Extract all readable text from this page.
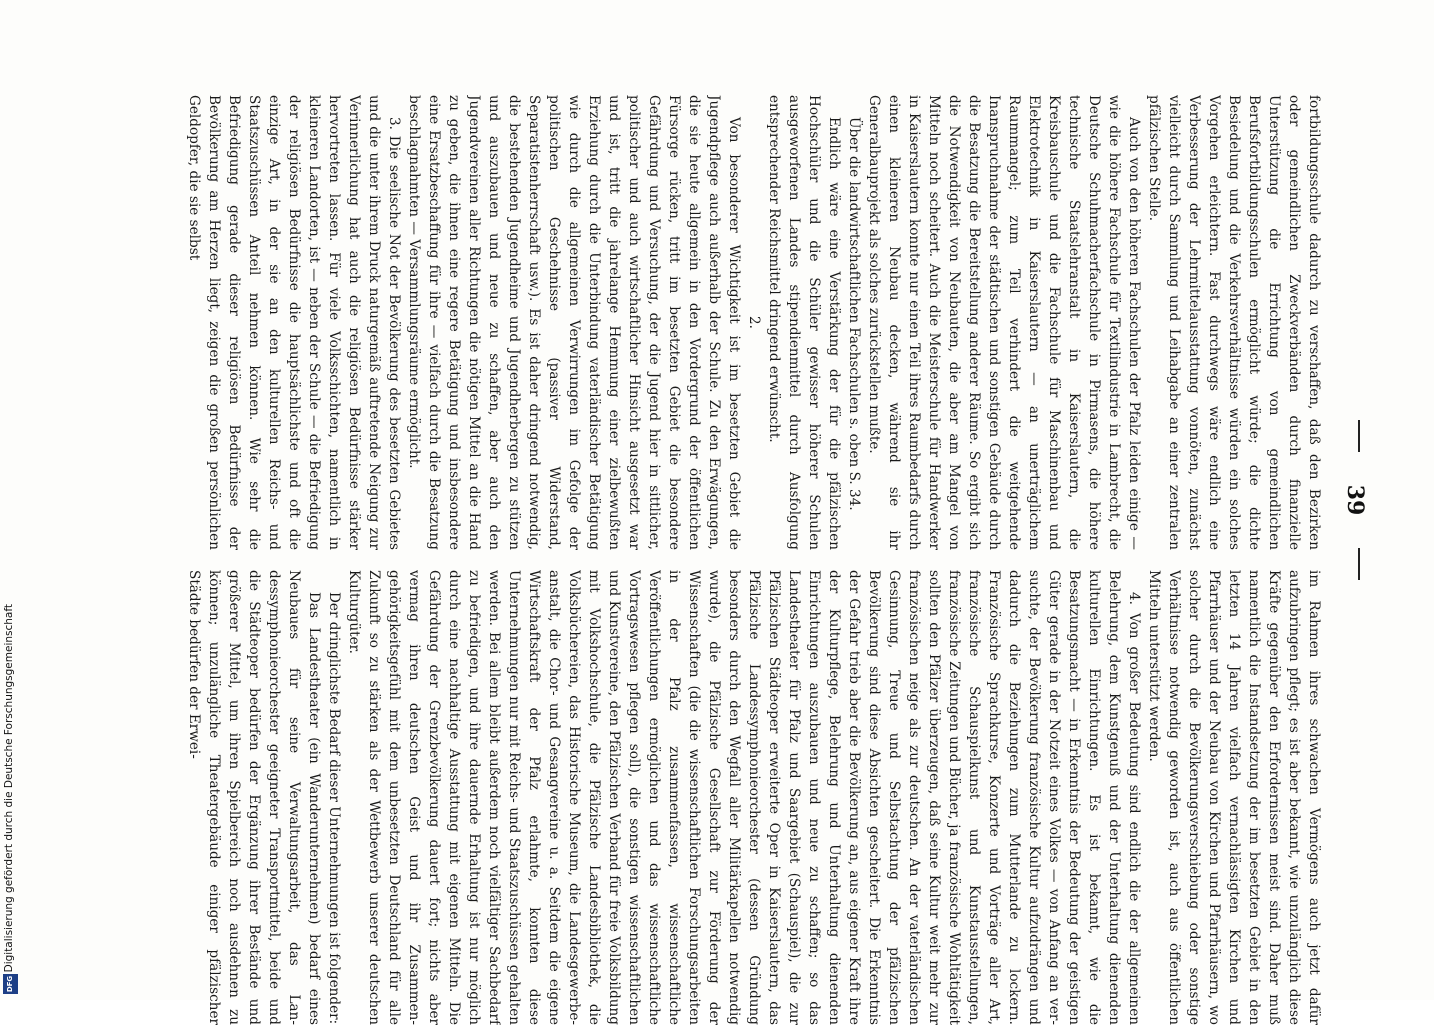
39

fortbildungsschule dadurch zu verschaffen, daß den Bezirken oder gemeindlichen Zweckverbänden durch finanzielle Unterstützung die Errichtung von gemeindlichen Berufsfortbildungsschulen ermöglicht würde; die dichte Besiedelung und die Verkehrsverhältnisse würden ein solches Vorgehen erleichtern. Fast durchwegs wäre endlich eine Verbesserung der Lehrmittelausstattung vonnöten, zunächst vielleicht durch Sammlung und Leihabgabe an einer zentralen pfälzischen Stelle.

Auch von den höheren Fachschulen der Pfalz leiden einige — wie die höhere Fachschule für Textilindustrie in Lambrecht, die Deutsche Schuhmacherfachschule in Pirmasens, die höhere technische Staatslehranstalt in Kaiserslautern, die Kreisbauschule und die Fachschule für Maschinenbau und Elektrotechnik in Kaiserslautern — an unerträglichem Raummangel; zum Teil verhindert die weitgehende Inanspruchnahme der städtischen und sonstigen Gebäude durch die Besatzung die Bereitstellung anderer Räume. So ergibt sich die Notwendigkeit von Neubauten, die aber am Mangel von Mitteln noch scheitert. Auch die Meisterschule für Handwerker in Kaiserslautern konnte nur einen Teil ihres Raumbedarfs durch einen kleineren Neubau decken, während sie ihr Generalbauprojekt als solches zurückstellen mußte.

Über die landwirtschaftlichen Fachschulen s. oben S. 34.

Endlich wäre eine Verstärkung der für die pfälzischen Hochschüler und die Schüler gewisser höherer Schulen ausgeworfenen Landes stipendienmittel durch Ausfolgung entsprechender Reichsmittel dringend erwünscht.

2.

Von besonderer Wichtigkeit ist im besetzten Gebiet die Jugendpflege auch außerhalb der Schule. Zu den Erwägungen, die sie heute allgemein in den Vordergrund der öffentlichen Fürsorge rücken, tritt im besetzten Gebiet die besondere Gefährdung und Versuchung, der die Jugend hier in sittlicher, politischer und auch wirtschaftlicher Hinsicht ausgesetzt war und ist, tritt die jahrelange Hemmung einer zielbewußten Erziehung durch die Unterbindung vaterländischer Betätigung wie durch die allgemeinen Verwirrungen im Gefolge der politischen Geschehnisse (passiver Widerstand, Separatistenherrschaft usw.). Es ist daher dringend notwendig, die bestehenden Jugendheime und Jugendherbergen zu stützen und auszubauen und neue zu schaffen, aber auch den Jugendvereinen aller Richtungen die nötigen Mittel an die Hand zu geben, die ihnen eine regere Betätigung und insbesondere eine Ersatzbeschaffung für ihre — vielfach durch die Besatzung beschlagnahmten — Versammlungsräume ermöglicht.

3. Die seelische Not der Bevölkerung des besetzten Gebietes und die unter ihrem Druck naturgemäß auftretende Neigung zur Verinnerlichung hat auch die religiösen Bedürfnisse stärker hervortreten lassen. Für viele Volksschichten, namentlich in kleineren Landorten, ist — neben der Schule — die Befriedigung der religiösen Bedürfnisse die hauptsächlichste und oft die einzige Art, in der sie an den kulturellen Reichs- und Staatszuschüssen Anteil nehmen können. Wie sehr die Befriedigung gerade dieser religiösen Bedürfnisse der Bevölkerung am Herzen liegt, zeigen die großen persönlichen Geldopfer, die sie selbst

im Rahmen ihres schwachen Vermögens auch jetzt dafür aufzubringen pflegt; es ist aber bekannt, wie unzulänglich diese Kräfte gegenüber den Erfordernissen meist sind. Daher muß namentlich die Instandsetzung der im besetzten Gebiet in den letzten 14 Jahren vielfach vernachlässigten Kirchen und Pfarrhäuser und der Neubau von Kirchen und Pfarrhäusern, wo solcher durch die Bevölkerungsverschiebung oder sonstige Verhältnisse notwendig geworden ist, auch aus öffentlichen Mitteln unterstützt werden.

4. Von großer Bedeutung sind endlich die der allgemeinen Belehrung, dem Kunstgenuß und der Unterhaltung dienenden kulturellen Einrichtungen. Es ist bekannt, wie die Besatzungsmacht — in Erkenntnis der Bedeutung der geistigen Güter gerade in der Notzeit eines Volkes — von Anfang an versuchte, der Bevölkerung französische Kultur aufzudrängen und dadurch die Beziehungen zum Mutterlande zu lockern. Französische Sprachkurse, Konzerte und Vorträge aller Art, französische Schauspielkunst und Kunstausstellungen, französische Zeitungen und Bücher, ja französische Wohltätigkeit sollten den Pfälzer überzeugen, daß seine Kultur weit mehr zur französischen neige als zur deutschen. An der vaterländischen Gesinnung, Treue und Selbstachtung der pfälzischen Bevölkerung sind diese Absichten gescheitert. Die Erkenntnis der Gefahr trieb aber die Bevölkerung an, aus eigener Kraft ihre der Kulturpflege, Belehrung und Unterhaltung dienenden Einrichtungen auszubauen und neue zu schaffen; so das Landestheater für Pfalz und Saargebiet (Schauspiel), die zur Pfälzischen Städteoper erweiterte Oper in Kaiserslautern, das Pfälzische Landessymphonieorchester (dessen Gründung besonders durch den Wegfall aller Militärkapellen notwendig wurde), die Pfälzische Gesellschaft zur Förderung der Wissenschaften (die die wissenschaftlichen Forschungsarbeiten in der Pfalz zusammenfassen, wissenschaftliche Veröffentlichungen ermöglichen und das wissenschaftliche Vortragswesen pflegen soll), die sonstigen wissenschaftlichen und Kunstvereine, den Pfälzischen Verband für freie Volksbildung mit Volkshochschule, die Pfälzische Landesbibliothek, die Volksbüchereien, das Historische Museum, die Landesgewerbeanstalt, die Chor- und Gesangvereine u. a. Seitdem die eigene Wirtschaftskraft der Pfalz erlahmte, konnten diese Unternehmungen nur mit Reichs- und Staatszuschüssen gehalten werden. Bei allem bleibt außerdem noch vielfältiger Sachbedarf zu befriedigen, und ihre dauernde Erhaltung ist nur möglich durch eine nachhaltige Ausstattung mit eigenen Mitteln. Die Gefährdung der Grenzbevölkerung dauert fort; nichts aber vermag ihren deutschen Geist und ihr Zusammengehörigkeitsgefühl mit dem unbesetzten Deutschland für alle Zukunft so zu stärken als der Wettbewerb unserer deutschen Kulturgüter.

Der dringlichste Bedarf dieser Unternehmungen ist folgender:

Das Landestheater (ein Wanderunternehmen) bedarf eines Neubaues für seine Verwaltungsarbeit, das Landessymphonieorchester geeigneter Transportmittel, beide und die Städteoper bedürfen der Ergänzung ihrer Bestände und größerer Mittel, um ihren Spielbereich noch ausdehnen zu können; unzulängliche Theatergebäude einiger pfälzischer Städte bedürfen der Erwei-

Digitalisierung gefördert durch die Deutsche Forschungsgemeinschaft
DFG
